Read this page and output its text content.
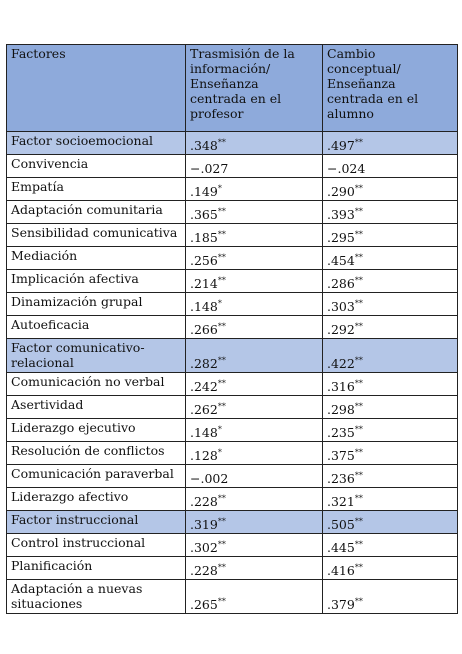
Factores	Trasmisión de la información/ Enseñanza centrada en el profesor	Cambio conceptual/ Enseñanza centrada en el alumno
Factor socioemocional	.348**	.497**
Convivencia	−.027	−.024
Empatía	.149*	.290**
Adaptación comunitaria	.365**	.393**
Sensibilidad comunicativa	.185**	.295**
Mediación	.256**	.454**
Implicación afectiva	.214**	.286**
Dinamización grupal	.148*	.303**
Autoeficacia	.266**	.292**
Factor comunicativo-relacional	.282**	.422**
Comunicación no verbal	.242**	.316**
Asertividad	.262**	.298**
Liderazgo ejecutivo	.148*	.235**
Resolución de conflictos	.128*	.375**
Comunicación paraverbal	−.002	.236**
Liderazgo afectivo	.228**	.321**
Factor instruccional	.319**	.505**
Control instruccional	.302**	.445**
Planificación	.228**	.416**
Adaptación a nuevas situaciones	.265**	.379**
